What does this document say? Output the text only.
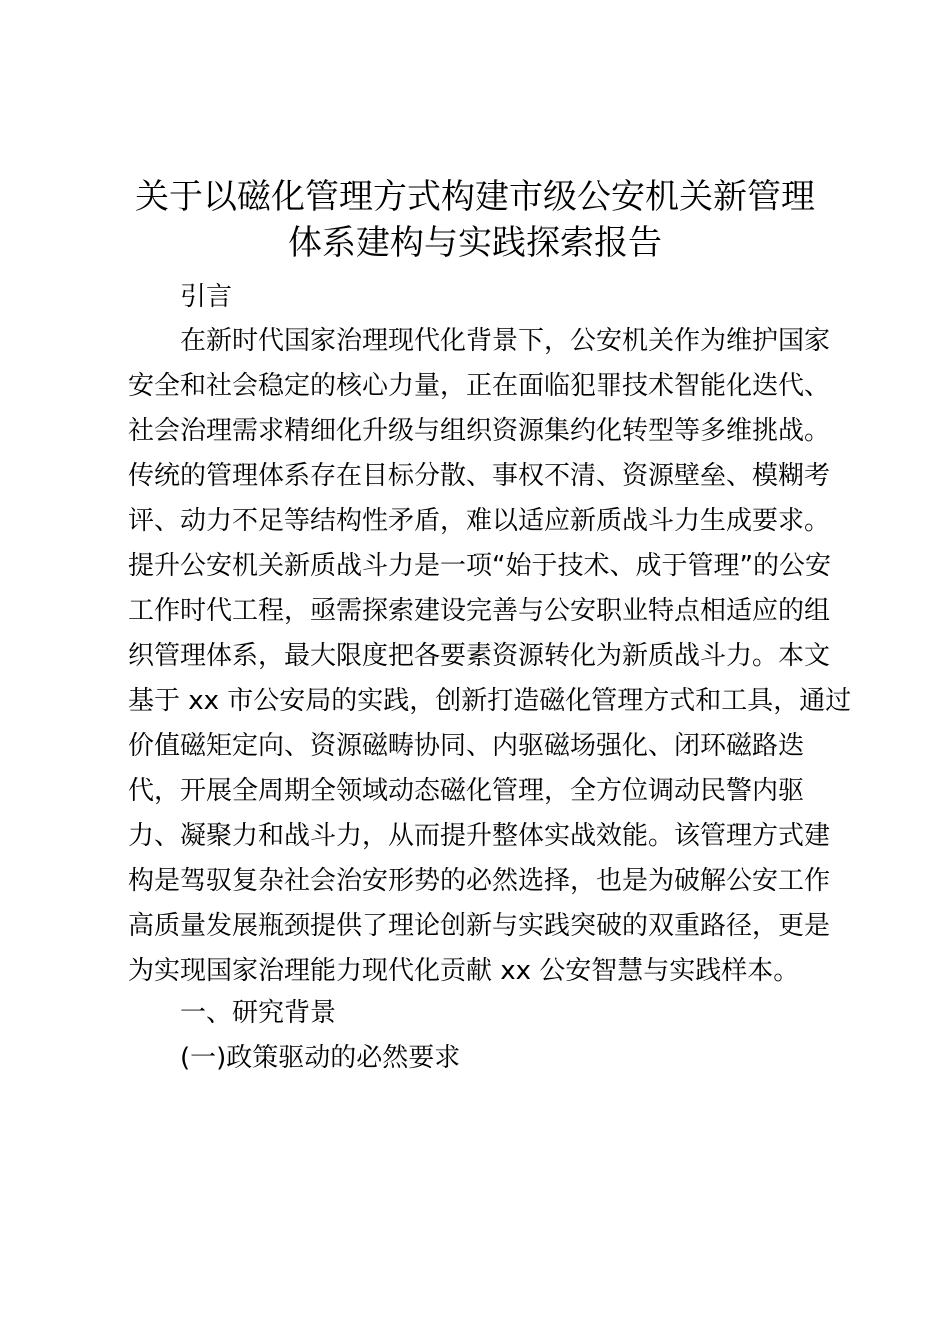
关于以磁化管理方式构建市级公安机关新管理
体系建构与实践探索报告

引言

在新时代国家治理现代化背景下，公安机关作为维护国家

安全和社会稳定的核心力量，正在面临犯罪技术智能化迭代、

社会治理需求精细化升级与组织资源集约化转型等多维挑战。

传统的管理体系存在目标分散、事权不清、资源壁垒、模糊考

评、动力不足等结构性矛盾，难以适应新质战斗力生成要求。

提升公安机关新质战斗力是一项“始于技术、成于管理”的公安

工作时代工程，亟需探索建设完善与公安职业特点相适应的组

织管理体系，最大限度把各要素资源转化为新质战斗力。本文

基于 xx 市公安局的实践，创新打造磁化管理方式和工具，通过

价值磁矩定向、资源磁畴协同、内驱磁场强化、闭环磁路迭

代，开展全周期全领域动态磁化管理，全方位调动民警内驱

力、凝聚力和战斗力，从而提升整体实战效能。该管理方式建

构是驾驭复杂社会治安形势的必然选择，也是为破解公安工作

高质量发展瓶颈提供了理论创新与实践突破的双重路径，更是

为实现国家治理能力现代化贡献 xx 公安智慧与实践样本。

一、研究背景

(一)政策驱动的必然要求
